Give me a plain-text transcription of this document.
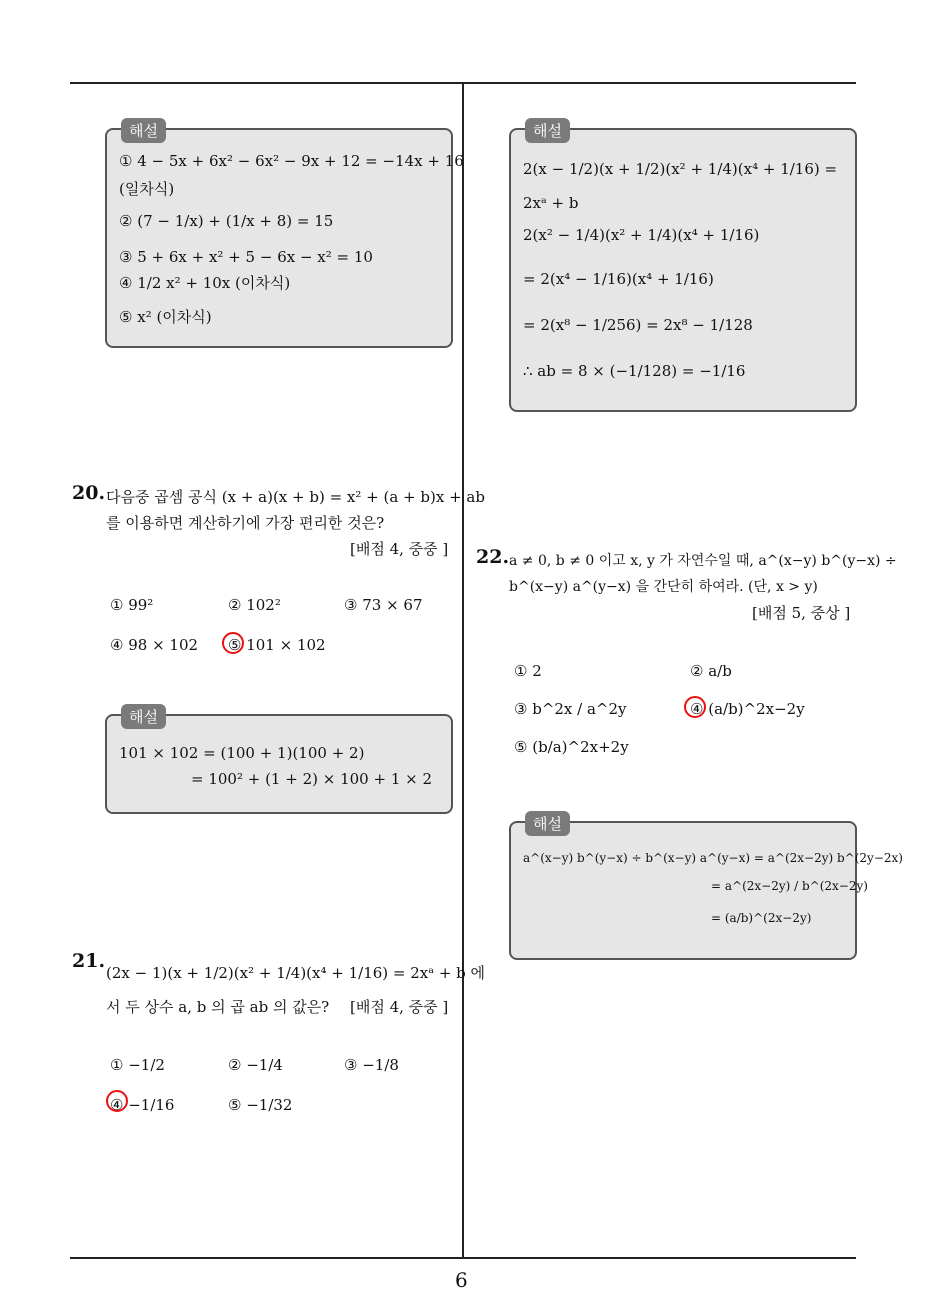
해설
① 4 − 5x + 6x² − 6x² − 9x + 12 = −14x + 16
(일차식)
② (7 − 1/x) + (1/x + 8) = 15
③ 5 + 6x + x² + 5 − 6x − x² = 10
④ 1/2 x² + 10x (이차식)
⑤ x² (이차식)
해설
2(x − 1/2)(x + 1/2)(x² + 1/4)(x⁴ + 1/16) =
2xᵃ + b
2(x² − 1/4)(x² + 1/4)(x⁴ + 1/16)
= 2(x⁴ − 1/16)(x⁴ + 1/16)
= 2(x⁸ − 1/256) = 2x⁸ − 1/128
∴ ab = 8 × (−1/128) = −1/16
20. 다음중 곱셈 공식 (x + a)(x + b) = x² + (a + b)x + ab
를 이용하면 계산하기에 가장 편리한 것은?
[배점 4, 중중 ]
① 99²	② 102²	③ 73 × 67
④ 98 × 102 ⑤ 101 × 102
해설
101 × 102 = (100 + 1)(100 + 2)
= 100² + (1 + 2) × 100 + 1 × 2
21.
(2x − 1)(x + 1/2)(x² + 1/4)(x⁴ + 1/16) = 2xᵃ + b 에
서 두 상수 a, b 의 곱 ab 의 값은? [배점 4, 중중 ]
① −1/2	② −1/4	③ −1/8
④ −1/16	⑤ −1/32
22. a ≠ 0, b ≠ 0 이고 x, y 가 자연수일 때, a^(x−y) b^(y−x) ÷
b^(x−y) a^(y−x) 을 간단히 하여라. (단, x > y)
[배점 5, 중상 ]
① 2	② a/b
③ b^2x / a^2y	④ (a/b)^2x−2y
⑤ (b/a)^2x+2y
해설
a^(x−y) b^(y−x) ÷ b^(x−y) a^(y−x) = a^(2x−2y) b^(2y−2x)
= a^(2x−2y) / b^(2x−2y)
= (a/b)^(2x−2y)
6
